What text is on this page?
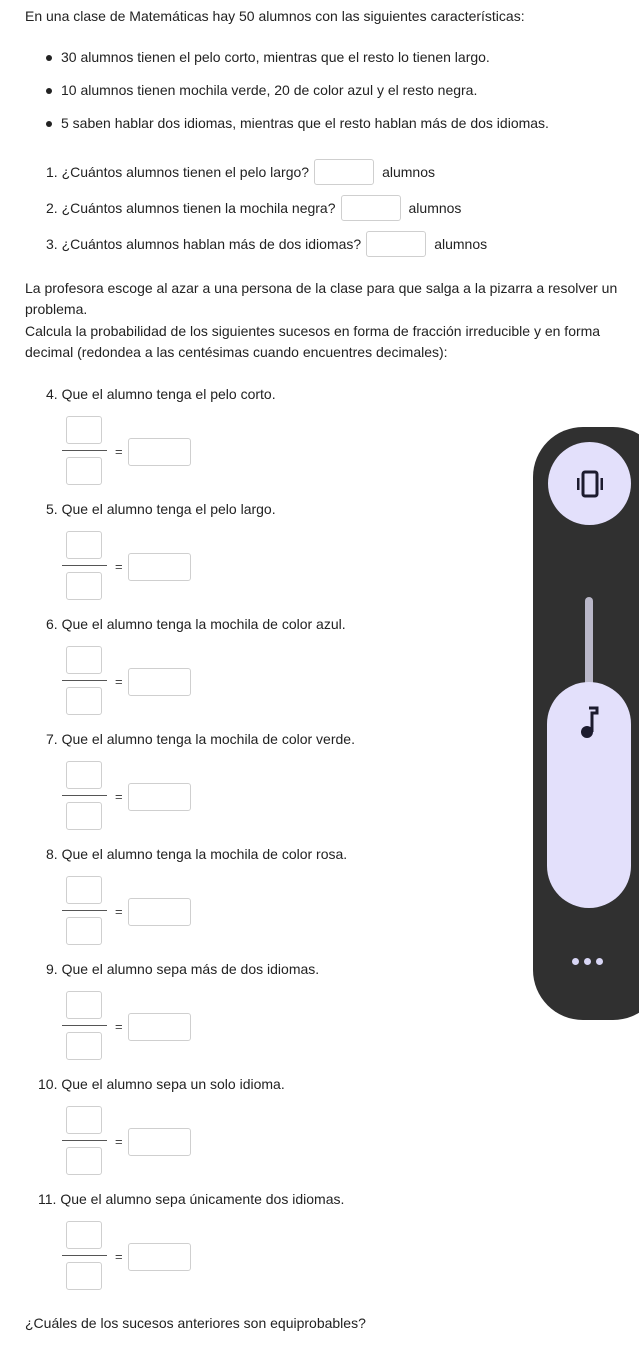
En una clase de Matemáticas hay 50 alumnos con las siguientes características:
30 alumnos tienen el pelo corto, mientras que el resto lo tienen largo.
10 alumnos tienen mochila verde, 20 de color azul y el resto negra.
5 saben hablar dos idiomas, mientras que el resto hablan más de dos idiomas.
1. ¿Cuántos alumnos tienen el pelo largo?	alumnos
2. ¿Cuántos alumnos tienen la mochila negra?	alumnos
3. ¿Cuántos alumnos hablan más de dos idiomas?	alumnos
La profesora escoge al azar a una persona de la clase para que salga a la pizarra a resolver un problema.
Calcula la probabilidad de los siguientes sucesos en forma de fracción irreducible y en forma decimal (redondea a las centésimas cuando encuentres decimales):
4. Que el alumno tenga el pelo corto.
=
5. Que el alumno tenga el pelo largo.
=
6. Que el alumno tenga la mochila de color azul.
=
7. Que el alumno tenga la mochila de color verde.
=
8. Que el alumno tenga la mochila de color rosa.
=
9. Que el alumno sepa más de dos idiomas.
=
10. Que el alumno sepa un solo idioma.
=
11. Que el alumno sepa únicamente dos idiomas.
=
¿Cuáles de los sucesos anteriores son equiprobables?
